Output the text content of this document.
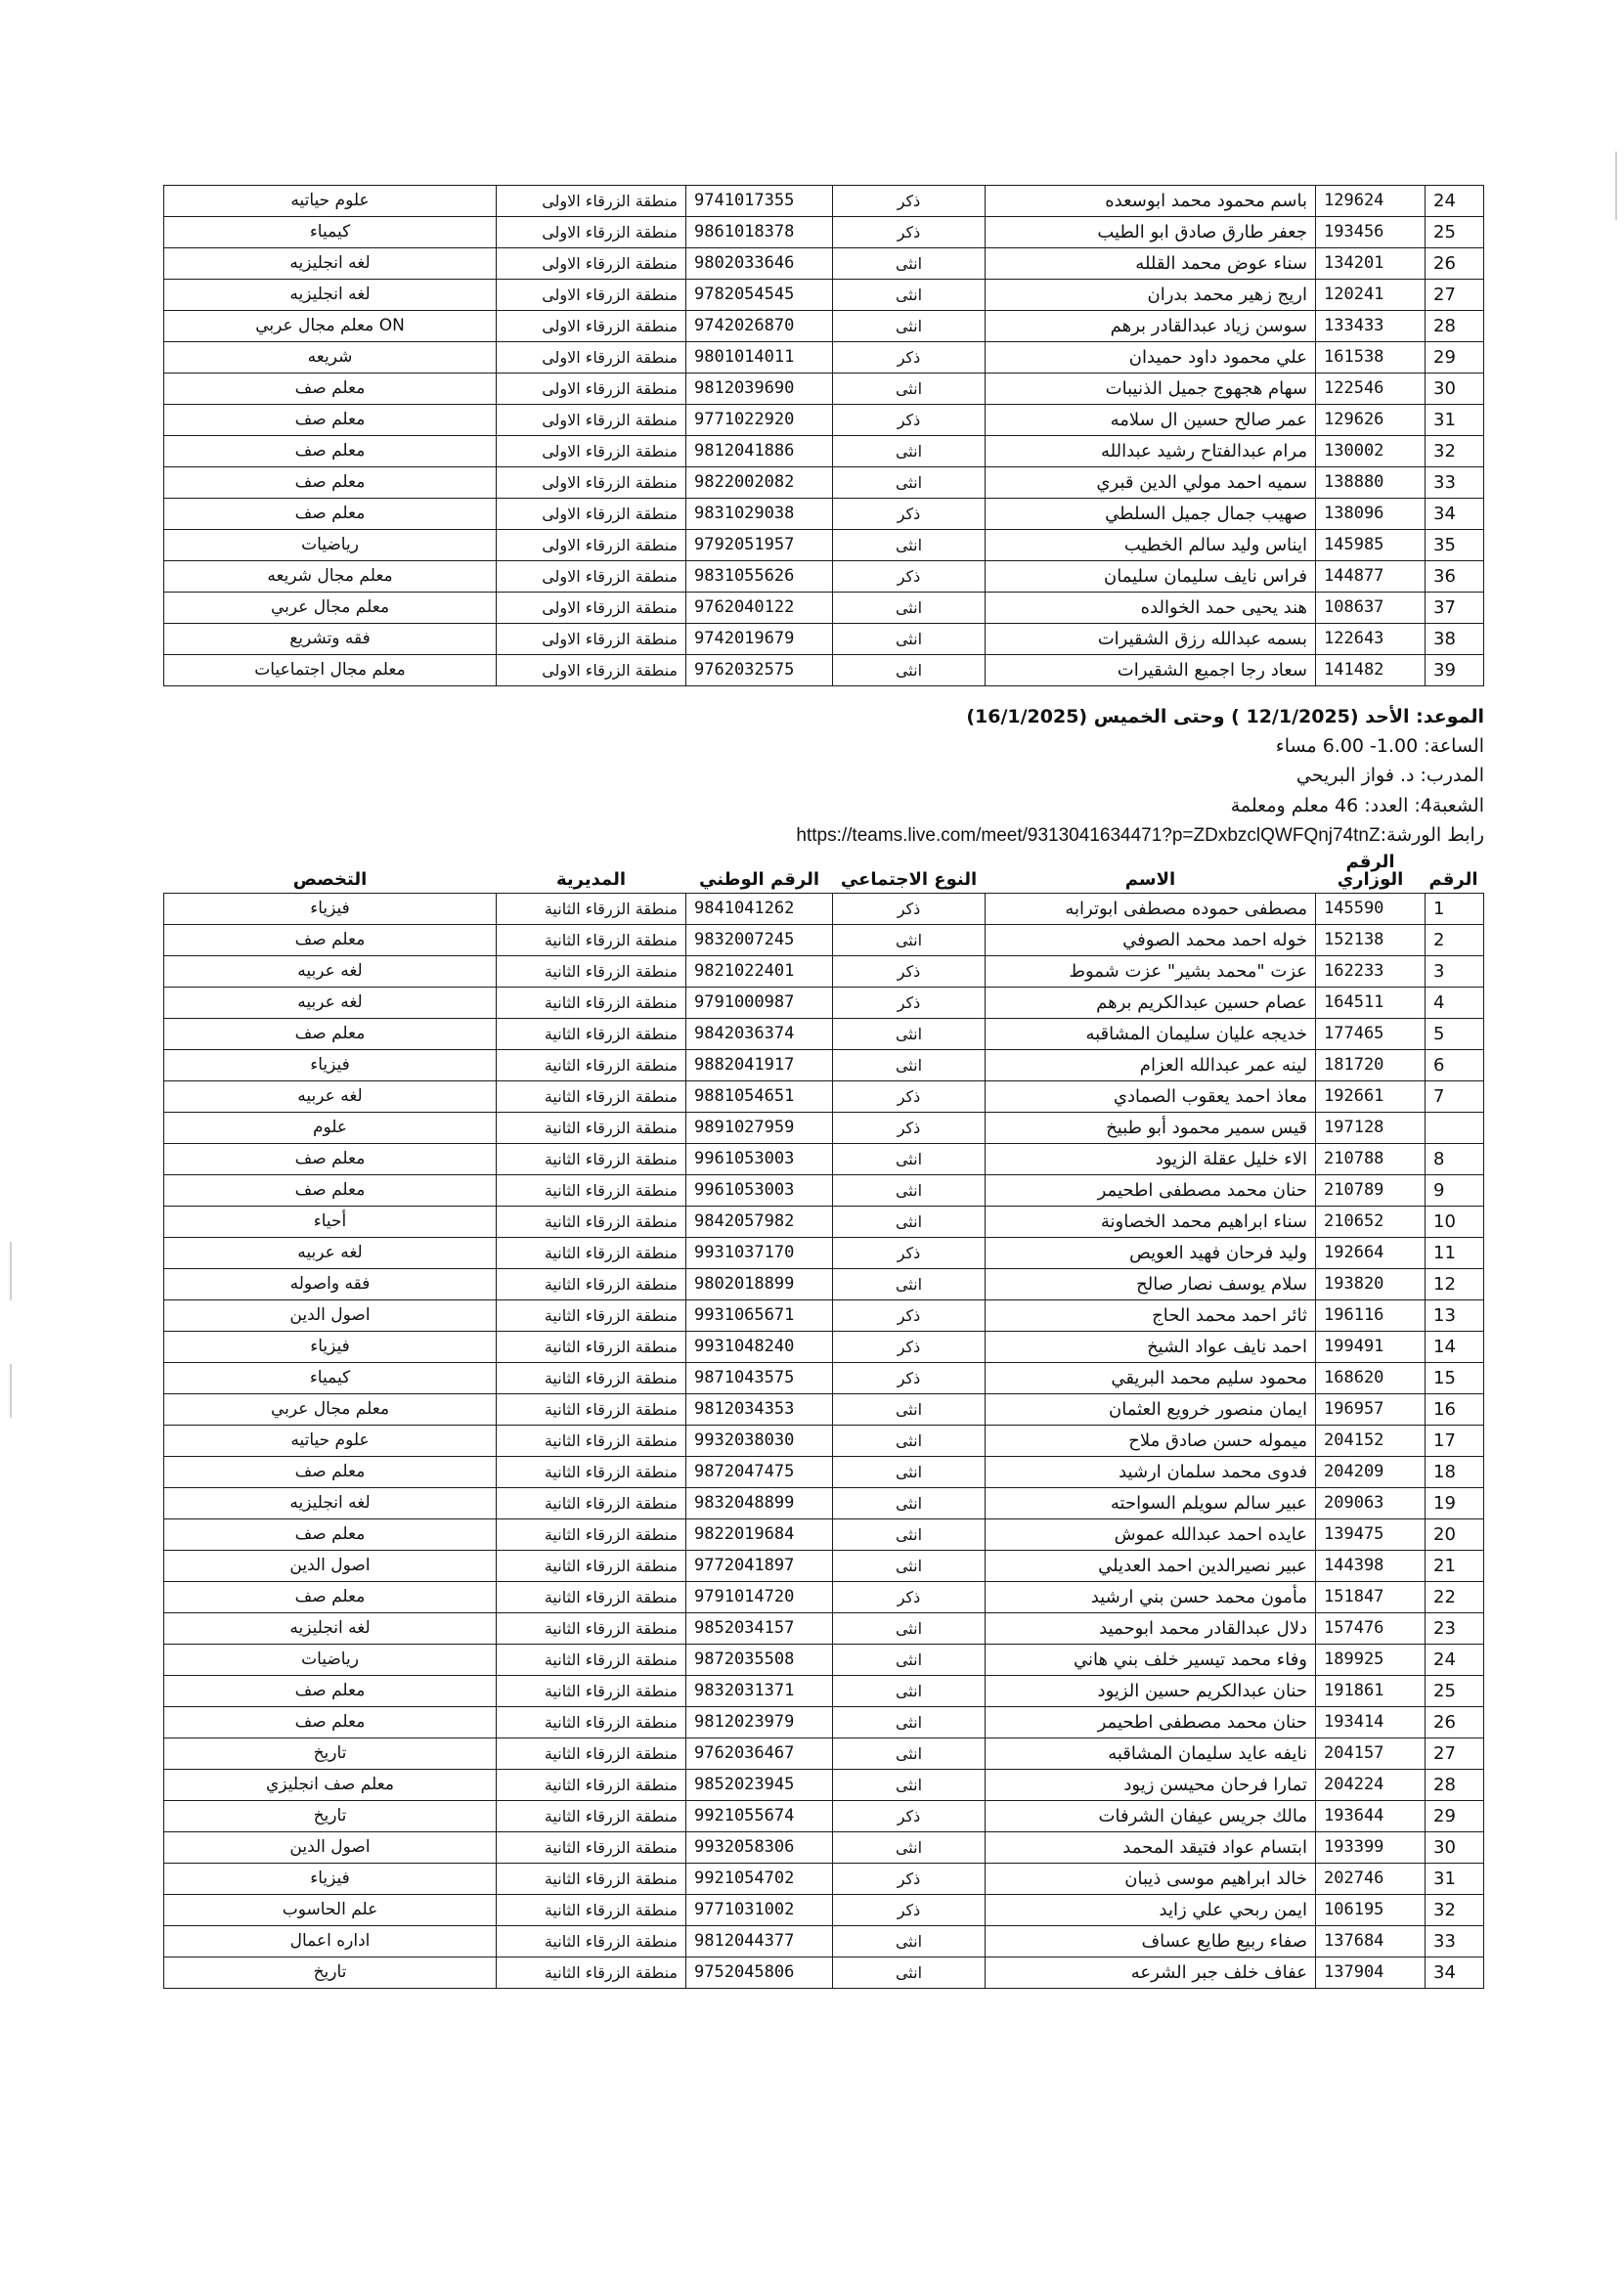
24	129624	باسم محمود محمد ابوسعده	ذكر	9741017355	منطقة الزرقاء الاولى	علوم حياتيه
25	193456	جعفر طارق صادق ابو الطيب	ذكر	9861018378	منطقة الزرقاء الاولى	كيمياء
26	134201	سناء عوض محمد القلله	انثى	9802033646	منطقة الزرقاء الاولى	لغه انجليزيه
27	120241	اريج زهير محمد بدران	انثى	9782054545	منطقة الزرقاء الاولى	لغه انجليزيه
28	133433	سوسن زياد عبدالقادر برهم	انثى	9742026870	منطقة الزرقاء الاولى	ON معلم مجال عربي
29	161538	علي محمود داود حميدان	ذكر	9801014011	منطقة الزرقاء الاولى	شريعه
30	122546	سهام هجهوج جميل الذنيبات	انثى	9812039690	منطقة الزرقاء الاولى	معلم صف
31	129626	عمر صالح حسين ال سلامه	ذكر	9771022920	منطقة الزرقاء الاولى	معلم صف
32	130002	مرام عبدالفتاح رشيد عبدالله	انثى	9812041886	منطقة الزرقاء الاولى	معلم صف
33	138880	سميه احمد مولي الدين قبري	انثى	9822002082	منطقة الزرقاء الاولى	معلم صف
34	138096	صهيب جمال جميل السلطي	ذكر	9831029038	منطقة الزرقاء الاولى	معلم صف
35	145985	ايناس وليد سالم الخطيب	انثى	9792051957	منطقة الزرقاء الاولى	رياضيات
36	144877	فراس نايف سليمان سليمان	ذكر	9831055626	منطقة الزرقاء الاولى	معلم مجال شريعه
37	108637	هند يحيى حمد الخوالده	انثى	9762040122	منطقة الزرقاء الاولى	معلم مجال عربي
38	122643	بسمه عبدالله رزق الشقيرات	انثى	9742019679	منطقة الزرقاء الاولى	فقه وتشريع
39	141482	سعاد رجا اجميع الشقيرات	انثى	9762032575	منطقة الزرقاء الاولى	معلم مجال اجتماعيات
الموعد: الأحد (12/1/2025 ) وحتى الخميس (16/1/2025)
الساعة: 1.00- 6.00 مساء
المدرب: د. فواز البريحي
الشعبة4: العدد: 46 معلم ومعلمة
رابط الورشة:https://teams.live.com/meet/9313041634471?p=ZDxbzclQWFQnj74tnZ
الرقم	الرقم الوزاري	الاسم	النوع الاجتماعي	الرقم الوطني	المديرية	التخصص
1	145590	مصطفى حموده مصطفى ابوترابه	ذكر	9841041262	منطقة الزرقاء الثانية	فيزياء
2	152138	خوله احمد محمد الصوفي	انثى	9832007245	منطقة الزرقاء الثانية	معلم صف
3	162233	عزت "محمد بشير" عزت شموط	ذكر	9821022401	منطقة الزرقاء الثانية	لغه عربيه
4	164511	عصام حسين عبدالكريم برهم	ذكر	9791000987	منطقة الزرقاء الثانية	لغه عربيه
5	177465	خديجه عليان سليمان المشاقبه	انثى	9842036374	منطقة الزرقاء الثانية	معلم صف
6	181720	لينه عمر عبدالله العزام	انثى	9882041917	منطقة الزرقاء الثانية	فيزياء
7	192661	معاذ احمد يعقوب الصمادي	ذكر	9881054651	منطقة الزرقاء الثانية	لغه عربيه
	197128	قيس سمير محمود أبو طبيخ	ذكر	9891027959	منطقة الزرقاء الثانية	علوم
8	210788	الاء خليل عقلة الزيود	انثى	9961053003	منطقة الزرقاء الثانية	معلم صف
9	210789	حنان محمد مصطفى اطحيمر	انثى	9961053003	منطقة الزرقاء الثانية	معلم صف
10	210652	سناء ابراهيم محمد الخصاونة	انثى	9842057982	منطقة الزرقاء الثانية	أحياء
11	192664	وليد فرحان فهيد العويص	ذكر	9931037170	منطقة الزرقاء الثانية	لغه عربيه
12	193820	سلام يوسف نصار صالح	انثى	9802018899	منطقة الزرقاء الثانية	فقه واصوله
13	196116	ثائر احمد محمد الحاج	ذكر	9931065671	منطقة الزرقاء الثانية	اصول الدين
14	199491	احمد نايف عواد الشيخ	ذكر	9931048240	منطقة الزرقاء الثانية	فيزياء
15	168620	محمود سليم محمد البريقي	ذكر	9871043575	منطقة الزرقاء الثانية	كيمياء
16	196957	ايمان منصور خرويع العثمان	انثى	9812034353	منطقة الزرقاء الثانية	معلم مجال عربي
17	204152	ميموله حسن صادق ملاح	انثى	9932038030	منطقة الزرقاء الثانية	علوم حياتيه
18	204209	فدوى محمد سلمان ارشيد	انثى	9872047475	منطقة الزرقاء الثانية	معلم صف
19	209063	عبير سالم سويلم السواحته	انثى	9832048899	منطقة الزرقاء الثانية	لغه انجليزيه
20	139475	عايده احمد عبدالله عموش	انثى	9822019684	منطقة الزرقاء الثانية	معلم صف
21	144398	عبير نصيرالدين احمد العديلي	انثى	9772041897	منطقة الزرقاء الثانية	اصول الدين
22	151847	مأمون محمد حسن بني ارشيد	ذكر	9791014720	منطقة الزرقاء الثانية	معلم صف
23	157476	دلال عبدالقادر محمد ابوحميد	انثى	9852034157	منطقة الزرقاء الثانية	لغه انجليزيه
24	189925	وفاء محمد تيسير خلف بني هاني	انثى	9872035508	منطقة الزرقاء الثانية	رياضيات
25	191861	حنان عبدالكريم حسين الزيود	انثى	9832031371	منطقة الزرقاء الثانية	معلم صف
26	193414	حنان محمد مصطفى اطحيمر	انثى	9812023979	منطقة الزرقاء الثانية	معلم صف
27	204157	نايفه عايد سليمان المشاقبه	انثى	9762036467	منطقة الزرقاء الثانية	تاريخ
28	204224	تمارا فرحان محيسن زيود	انثى	9852023945	منطقة الزرقاء الثانية	معلم صف انجليزي
29	193644	مالك جريس عيفان الشرفات	ذكر	9921055674	منطقة الزرقاء الثانية	تاريخ
30	193399	ابتسام عواد فتيقد المحمد	انثى	9932058306	منطقة الزرقاء الثانية	اصول الدين
31	202746	خالد ابراهيم موسى ذيبان	ذكر	9921054702	منطقة الزرقاء الثانية	فيزياء
32	106195	ايمن ربحي علي زايد	ذكر	9771031002	منطقة الزرقاء الثانية	علم الحاسوب
33	137684	صفاء ربيع طايع عساف	انثى	9812044377	منطقة الزرقاء الثانية	اداره اعمال
34	137904	عفاف خلف جبر الشرعه	انثى	9752045806	منطقة الزرقاء الثانية	تاريخ
